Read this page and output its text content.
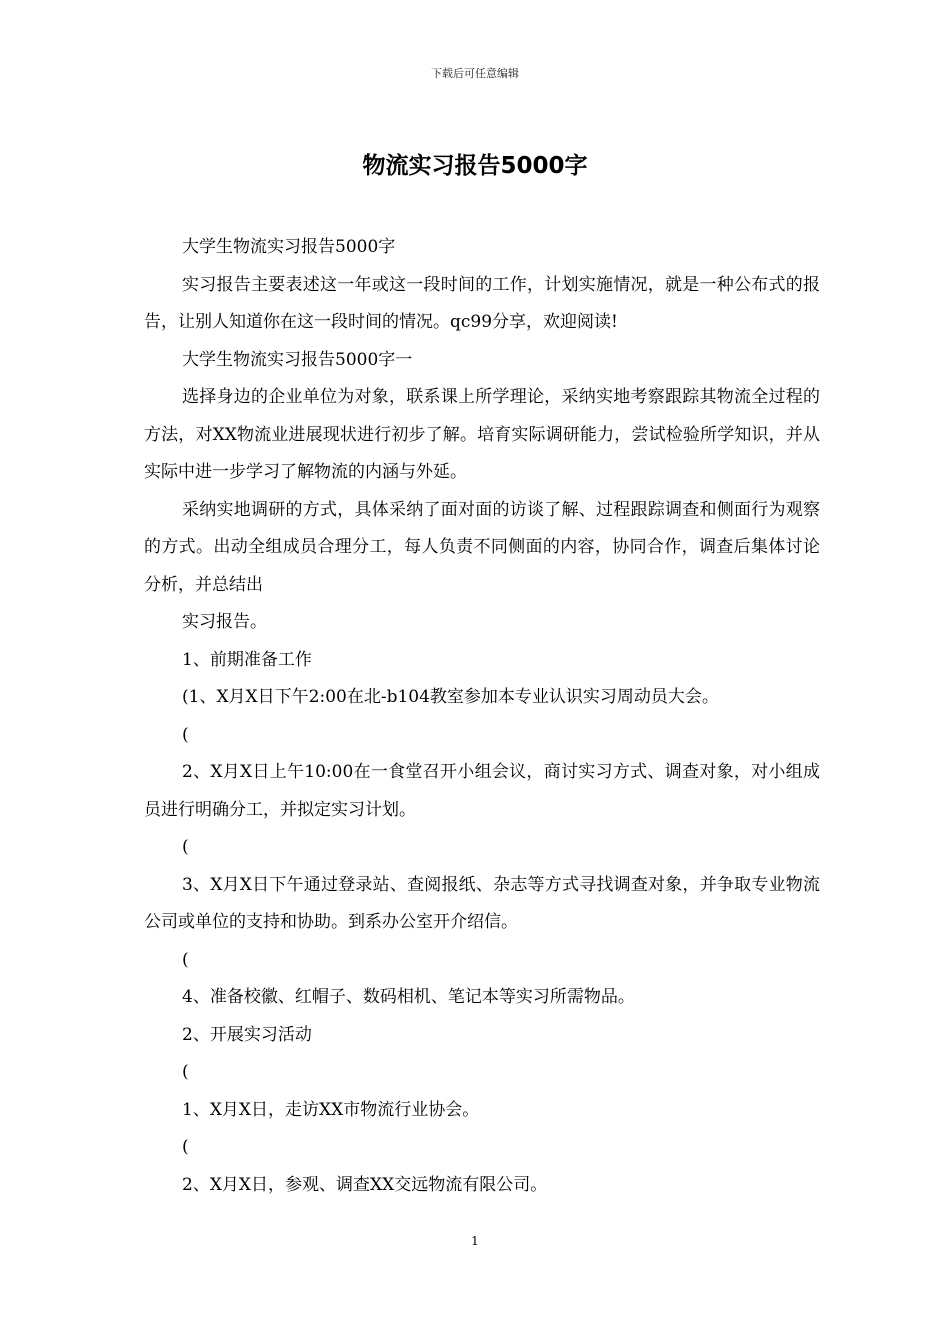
下载后可任意编辑
物流实习报告5000字

大学生物流实习报告5000字

实习报告主要表述这一年或这一段时间的工作，计划实施情况，就是一种公布式的报告，让别人知道你在这一段时间的情况。qc99分享，欢迎阅读!

大学生物流实习报告5000字一

选择身边的企业单位为对象，联系课上所学理论，采纳实地考察跟踪其物流全过程的方法，对XX物流业进展现状进行初步了解。培育实际调研能力，尝试检验所学知识，并从实际中进一步学习了解物流的内涵与外延。

采纳实地调研的方式，具体采纳了面对面的访谈了解、过程跟踪调查和侧面行为观察的方式。出动全组成员合理分工，每人负责不同侧面的内容，协同合作，调查后集体讨论分析，并总结出

实习报告。

1、前期准备工作

(1、X月X日下午2:00在北-b104教室参加本专业认识实习周动员大会。

(

2、X月X日上午10:00在一食堂召开小组会议，商讨实习方式、调查对象，对小组成员进行明确分工，并拟定实习计划。

(

3、X月X日下午通过登录站、查阅报纸、杂志等方式寻找调查对象，并争取专业物流公司或单位的支持和协助。到系办公室开介绍信。

(

4、准备校徽、红帽子、数码相机、笔记本等实习所需物品。

2、开展实习活动

(

1、X月X日，走访XX市物流行业协会。

(

2、X月X日，参观、调查XX交远物流有限公司。

1
